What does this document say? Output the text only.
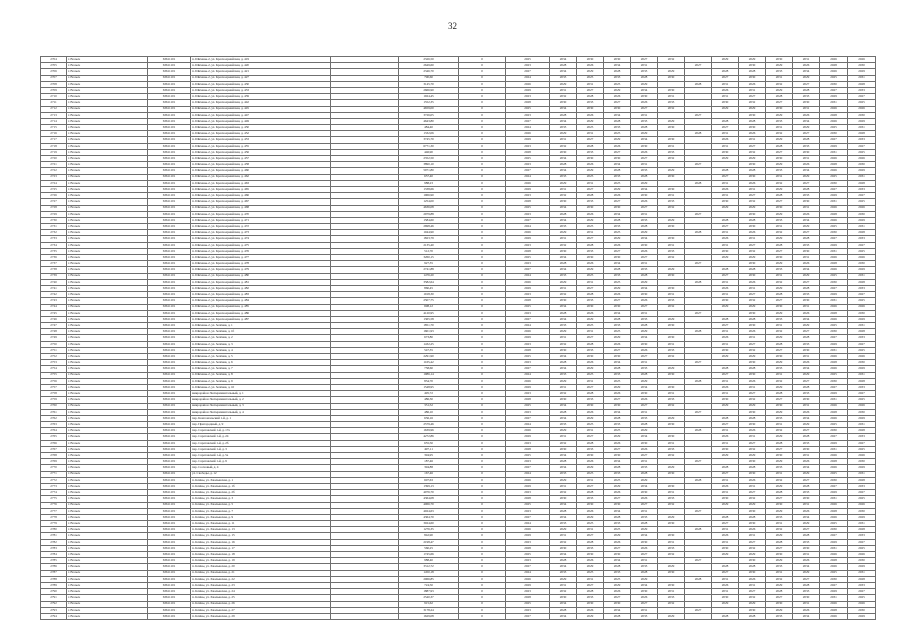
32
2704	г. Вольск	63611101	п. Шиханы-2, ул. Красноармейская, д. 419		2326,50	0	2025	2034	2030	2030	2027	2032		2029	2029	2030	2031	2026	2026
2705	г. Вольск	63611101	п. Шиханы-2, ул. Красноармейская, д. 420		2649,60	0	2023	2028	2026	2034	2031		2027		2030	2029	2026	2028	2030
2706	г. Вольск	63611101	п. Шиханы-2, ул. Красноармейская, д. 421		2346,70	0	2027	2034	2029	2028	2033	2029		2028	2028	2033	2034	2026	2029
2707	г. Вольск	63611101	п. Шиханы-2, ул. Красноармейская, д. 427		790,60	0	2024	2033	2025	2033	2028	2030		2027	2030	2031	2029	2025	2031
2708	г. Вольск	63611101	п. Шиханы-2, ул. Красноармейская, д. 430		3145,70	0	2026	2029	2031	2025	2029		2028	2031	2026	2032	2027	2030	2028
2709	г. Вольск	63611101	п. Шиханы-2, ул. Красноармейская, д. 433		2666,90	0	2029	2031	2027	2029	2034	2030		2026	2031	2029	2028	2027	2033
2710	г. Вольск	63611101	п. Шиханы-2, ул. Красноармейская, д. 439		1924,45	0	2023	2032	2028	2026	2030	2031		2031	2027	2028	2033	2029	2027
2711	г. Вольск	63611101	п. Шиханы-2, ул. Красноармейская, д. 442		1552,35	0	2028	2030	2033	2027	2026	2033		2030	2032	2027	2030	2031	2025
2712	г. Вольск	63611101	п. Шиханы-2, ул. Красноармейская, д. 445		4659,00	0	2025	2034	2030	2030	2027	2032		2029	2029	2030	2031	2026	2026
2713	г. Вольск	63611101	п. Шиханы-2, ул. Красноармейская, д. 447		3726,05	0	2023	2028	2026	2034	2031		2027		2030	2029	2026	2028	2030
2714	г. Вольск	63611101	п. Шиханы-2, ул. Красноармейская, д. 449		4643,80	0	2027	2034	2029	2028	2033	2029		2028	2028	2033	2034	2026	2029
2715	г. Вольск	63611101	п. Шиханы-2, ул. Красноармейская, д. 450		484,40	0	2024	2033	2025	2033	2028	2030		2027	2030	2031	2029	2025	2031
2716	г. Вольск	63611101	п. Шиханы-2, ул. Красноармейская, д. 452		1332,06	0	2026	2029	2031	2025	2029		2028	2031	2026	2032	2027	2030	2028
2717	г. Вольск	63611101	п. Шиханы-2, ул. Красноармейская, д. 453		3745,70	0	2029	2031	2027	2029	2034	2030		2026	2031	2029	2028	2027	2033
2718	г. Вольск	63611101	п. Шиханы-2, ул. Красноармейская, д. 455		6771,30	0	2023	2032	2028	2026	2030	2031		2031	2027	2028	2033	2029	2027
2719	г. Вольск	63611101	п. Шиханы-2, ул. Красноармейская, д. 456		446,90	0	2028	2030	2033	2027	2026	2033		2030	2032	2027	2030	2031	2025
2720	г. Вольск	63611101	п. Шиханы-2, ул. Красноармейская, д. 457		2352,50	0	2025	2034	2030	2030	2027	2032		2029	2029	2030	2031	2026	2026
2721	г. Вольск	63611101	п. Шиханы-2, ул. Красноармейская, д. 458		3890,10	0	2023	2028	2026	2034	2031		2027		2030	2029	2026	2028	2030
2722	г. Вольск	63611101	п. Шиханы-2, ул. Красноармейская, д. 460		5971,80	0	2027	2034	2029	2028	2033	2029		2028	2028	2033	2034	2026	2029
2723	г. Вольск	63611101	п. Шиханы-2, ул. Красноармейская, д. 462		657,40	0	2024	2033	2025	2033	2028	2030		2027	2030	2031	2029	2025	2031
2724	г. Вольск	63611101	п. Шиханы-2, ул. Красноармейская, д. 463		988,23	0	2026	2029	2031	2025	2029		2028	2031	2026	2032	2027	2030	2028
2725	г. Вольск	63611101	п. Шиханы-2, ул. Красноармейская, д. 465		1338,66	0	2029	2031	2027	2029	2034	2030		2026	2031	2029	2028	2027	2033
2726	г. Вольск	63611101	п. Шиханы-2, ул. Красноармейская, д. 466		1966,90	0	2023	2032	2028	2026	2030	2031		2031	2027	2028	2033	2029	2027
2727	г. Вольск	63611101	п. Шиханы-2, ул. Красноармейская, д. 467		1254,00	0	2028	2030	2033	2027	2026	2033		2030	2032	2027	2030	2031	2025
2728	г. Вольск	63611101	п. Шиханы-2, ул. Красноармейская, д. 468		4636,08	0	2025	2034	2030	2030	2027	2032		2029	2029	2030	2031	2026	2026
2729	г. Вольск	63611101	п. Шиханы-2, ул. Красноармейская, д. 470		2979,88	0	2023	2028	2026	2034	2031		2027		2030	2029	2026	2028	2030
2730	г. Вольск	63611101	п. Шиханы-2, ул. Красноармейская, д. 471		1584,60	0	2027	2034	2029	2028	2033	2029		2028	2028	2033	2034	2026	2029
2731	г. Вольск	63611101	п. Шиханы-2, ул. Красноармейская, д. 472		2698,46	0	2024	2033	2025	2033	2028	2030		2027	2030	2031	2029	2025	2031
2732	г. Вольск	63611101	п. Шиханы-2, ул. Красноармейская, д. 473		1044,90	0	2026	2029	2031	2025	2029		2028	2031	2026	2032	2027	2030	2028
2733	г. Вольск	63611101	п. Шиханы-2, ул. Красноармейская, д. 474		1823,79	0	2029	2031	2027	2029	2034	2030		2026	2031	2029	2028	2027	2033
2734	г. Вольск	63611101	п. Шиханы-2, ул. Красноармейская, д. 475		2135,40	0	2023	2032	2028	2026	2030	2031		2031	2027	2028	2033	2029	2027
2735	г. Вольск	63611101	п. Шиханы-2, ул. Красноармейская, д. 476		512,70	0	2028	2030	2033	2027	2026	2033		2030	2032	2027	2030	2031	2025
2736	г. Вольск	63611101	п. Шиханы-2, ул. Красноармейская, д. 477		3260,15	0	2025	2034	2030	2030	2027	2032		2029	2029	2030	2031	2026	2026
2737	г. Вольск	63611101	п. Шиханы-2, ул. Красноармейская, д. 478		927,35	0	2023	2028	2026	2034	2031		2027		2030	2029	2026	2028	2030
2738	г. Вольск	63611101	п. Шиханы-2, ул. Красноармейская, д. 479		2741,88	0	2027	2034	2029	2028	2033	2029		2028	2028	2033	2034	2026	2029
2739	г. Вольск	63611101	п. Шиханы-2, ул. Красноармейская, д. 480		1476,20	0	2024	2033	2025	2033	2028	2030		2027	2030	2031	2029	2025	2031
2740	г. Вольск	63611101	п. Шиханы-2, ул. Красноармейская, д. 481		3582,64	0	2026	2029	2031	2025	2029		2028	2031	2026	2032	2027	2030	2028
2741	г. Вольск	63611101	п. Шиханы-2, ул. Красноармейская, д. 482		860,45	0	2029	2031	2027	2029	2034	2030		2026	2031	2029	2028	2027	2033
2742	г. Вольск	63611101	п. Шиханы-2, ул. Красноармейская, д. 483		1918,30	0	2023	2032	2028	2026	2030	2031		2031	2027	2028	2033	2029	2027
2743	г. Вольск	63611101	п. Шиханы-2, ул. Красноармейская, д. 484		2507,75	0	2028	2030	2033	2027	2026	2033		2030	2032	2027	2030	2031	2025
2744	г. Вольск	63611101	п. Шиханы-2, ул. Красноармейская, д. 485		698,12	0	2025	2034	2030	2030	2027	2032		2029	2029	2030	2031	2026	2026
2745	г. Вольск	63611101	п. Шиханы-2, ул. Красноармейская, д. 486		4120,95	0	2023	2028	2026	2034	2031		2027		2030	2029	2026	2028	2030
2746	г. Вольск	63611101	п. Шиханы-2, ул. Красноармейская, д. 487		1365,58	0	2027	2034	2029	2028	2033	2029		2028	2028	2033	2034	2026	2029
2747	г. Вольск	63611101	п. Шиханы-2, ул. Зелёная, д. 1		1851,70	0	2024	2033	2025	2033	2028	2030		2027	2030	2031	2029	2025	2031
2748	г. Вольск	63611101	п. Шиханы-2, ул. Зелёная, д. 1б		1601,93	0	2026	2029	2031	2025	2029		2028	2031	2026	2032	2027	2030	2028
2749	г. Вольск	63611101	п. Шиханы-2, ул. Зелёная, д. 2		673,80	0	2029	2031	2027	2029	2034	2030		2026	2031	2029	2028	2027	2033
2750	г. Вольск	63611101	п. Шиханы-2, ул. Зелёная, д. 3		1432,25	0	2023	2032	2028	2026	2030	2031		2031	2027	2028	2033	2029	2027
2751	г. Вольск	63611101	п. Шиханы-2, ул. Зелёная, д. 4		547,35	0	2028	2030	2033	2027	2026	2033		2030	2032	2027	2030	2031	2025
2752	г. Вольск	63611101	п. Шиханы-2, ул. Зелёная, д. 5		2291,90	0	2025	2034	2030	2030	2027	2032		2029	2029	2030	2031	2026	2026
2753	г. Вольск	63611101	п. Шиханы-2, ул. Зелёная, д. 6		1165,42	0	2023	2028	2026	2034	2031		2027		2030	2029	2026	2028	2030
2754	г. Вольск	63611101	п. Шиханы-2, ул. Зелёная, д. 7		758,60	0	2027	2034	2029	2028	2033	2029		2028	2028	2033	2034	2026	2029
2755	г. Вольск	63611101	п. Шиханы-2, ул. Зелёная, д. 8		1986,14	0	2024	2033	2025	2033	2028	2030		2027	2030	2031	2029	2025	2031
2756	г. Вольск	63611101	п. Шиханы-2, ул. Зелёная, д. 9		834,70	0	2026	2029	2031	2025	2029		2028	2031	2026	2032	2027	2030	2028
2757	г. Вольск	63611101	п. Шиханы-2, ул. Зелёная, д. 10		1548,95	0	2029	2031	2027	2029	2034	2030		2026	2031	2029	2028	2027	2033
2758	г. Вольск	63611101	микрорайон Экспериментальный, д. 1		495,72	0	2023	2032	2028	2026	2030	2031		2031	2027	2028	2033	2029	2027
2759	г. Вольск	63611101	микрорайон Экспериментальный, д. 2		486,30	0	2028	2030	2033	2027	2026	2033		2030	2032	2027	2030	2031	2025
2760	г. Вольск	63611101	микрорайон Экспериментальный, д. 3		331,52	0	2025	2034	2030	2030	2027	2032		2029	2029	2030	2031	2026	2026
2761	г. Вольск	63611101	микрорайон Экспериментальный, д. 4		486,10	0	2023	2028	2026	2034	2031		2027		2030	2029	2026	2028	2030
2762	г. Вольск	63611101	пер. Комсомольский 1-й, д. 1		636,16	0	2027	2034	2029	2028	2033	2029		2028	2028	2033	2034	2026	2029
2763	г. Вольск	63611101	пер. Пригородный, д. 9		2579,46	0	2024	2033	2025	2033	2028	2030		2027	2030	2031	2029	2025	2031
2764	г. Вольск	63611101	пер. Саратовский 1-й, д. 17а		1639,96	0	2026	2029	2031	2025	2029		2028	2031	2026	2032	2027	2030	2028
2765	г. Вольск	63611101	пер. Саратовский 1-й, д. 24		4272,86	0	2029	2031	2027	2029	2034	2030		2026	2031	2029	2028	2027	2033
2766	г. Вольск	63611101	пер. Саратовский 1-й, д. 2б		655,50	0	2023	2032	2028	2026	2030	2031		2031	2027	2028	2033	2029	2027
2767	г. Вольск	63611101	пер. Саратовский 1-й, д. 3		497,11	0	2028	2030	2033	2027	2026	2033		2030	2032	2027	2030	2031	2025
2768	г. Вольск	63611101	пер. Саратовский 1-й, д. 5а		394,95	0	2025	2034	2030	2030	2027	2032		2029	2029	2030	2031	2026	2026
2769	г. Вольск	63611101	пер. Саратовский 1-й, д. 9		187,46	0	2023	2028	2026	2034	2031		2027		2030	2029	2026	2028	2030
2770	г. Вольск	63611101	пер. Сосновый, д. 4		394,88	0	2027	2034	2029	2028	2033	2029		2028	2028	2033	2034	2026	2029
2771	г. Вольск	63611101	ул. Свободы, д. 12		167,46	0	2024	2033	2025	2033	2028	2030		2027	2030	2031	2029	2025	2031
2772	г. Вольск	63611101	п. Клёны, ул. Хвалынская, д. 1		607,63	0	2026	2029	2031	2025	2029		2028	2031	2026	2032	2027	2030	2028
2773	г. Вольск	63611101	п. Клёны, ул. Хвалынская, д. 1б		1399,13	0	2029	2031	2027	2029	2034	2030		2026	2031	2029	2028	2027	2033
2774	г. Вольск	63611101	п. Клёны, ул. Хвалынская, д. 2б		4076,70	0	2023	2032	2028	2026	2030	2031		2031	2027	2028	2033	2029	2027
2775	г. Вольск	63611101	п. Клёны, ул. Хвалынская, д. 3		4364,08	0	2028	2030	2033	2027	2026	2033		2030	2032	2027	2030	2031	2025
2776	г. Вольск	63611101	п. Клёны, ул. Хвалынская, д. 5		4066,70	0	2025	2034	2030	2030	2027	2032		2029	2029	2030	2031	2026	2026
2777	г. Вольск	63611101	п. Клёны, ул. Хвалынская, д. 7		4024,63	0	2023	2028	2026	2034	2031		2027		2030	2029	2026	2028	2030
2778	г. Вольск	63611101	п. Клёны, ул. Хвалынская, д. 9		4364,70	0	2027	2034	2029	2028	2033	2029		2028	2028	2033	2034	2026	2029
2779	г. Вольск	63611101	п. Клёны, ул. Хвалынская, д. 11		3024,60	0	2024	2033	2025	2033	2028	2030		2027	2030	2031	2029	2025	2031
2780	г. Вольск	63611101	п. Клёны, ул. Хвалынская, д. 13		1276,35	0	2026	2029	2031	2025	2029		2028	2031	2026	2032	2027	2030	2028
2781	г. Вольск	63611101	п. Клёны, ул. Хвалынская, д. 15		842,90	0	2029	2031	2027	2029	2034	2030		2026	2031	2029	2028	2027	2033
2782	г. Вольск	63611101	п. Клёны, ул. Хвалынская, д. 16		2198,47	0	2023	2032	2028	2026	2030	2031		2031	2027	2028	2033	2029	2027
2783	г. Вольск	63611101	п. Клёны, ул. Хвалынская, д. 17		560,25	0	2028	2030	2033	2027	2026	2033		2030	2032	2027	2030	2031	2025
2784	г. Вольск	63611101	п. Клёны, ул. Хвалынская, д. 18		1745,66	0	2025	2034	2030	2030	2027	2032		2029	2029	2030	2031	2026	2026
2785	г. Вольск	63611101	п. Клёны, ул. Хвалынская, д. 19		988,40	0	2023	2028	2026	2034	2031		2027		2030	2029	2026	2028	2030
2786	г. Вольск	63611101	п. Клёны, ул. Хвалынская, д. 20		3312,72	0	2027	2034	2029	2028	2033	2029		2028	2028	2033	2034	2026	2029
2787	г. Вольск	63611101	п. Клёны, ул. Хвалынская, д. 21		1450,18	0	2024	2033	2025	2033	2028	2030		2027	2030	2031	2029	2025	2031
2788	г. Вольск	63611101	п. Клёны, ул. Хвалынская, д. 22		2066,85	0	2026	2029	2031	2025	2029		2028	2031	2026	2032	2027	2030	2028
2789	г. Вольск	63611101	п. Клёны, ул. Хвалынская, д. 23		724,50	0	2029	2031	2027	2029	2034	2030		2026	2031	2029	2028	2027	2033
2790	г. Вольск	63611101	п. Клёны, ул. Хвалынская, д. 24		1887,93	0	2023	2032	2028	2026	2030	2031		2031	2027	2028	2033	2029	2027
2791	г. Вольск	63611101	п. Клёны, ул. Хвалынская, д. 25		2540,37	0	2028	2030	2033	2027	2026	2033		2030	2032	2027	2030	2031	2025
2792	г. Вольск	63611101	п. Клёны, ул. Хвалынская, д. 26		915,62	0	2025	2034	2030	2030	2027	2032		2029	2029	2030	2031	2026	2026
2793	г. Вольск	63611101	п. Клёны, ул. Хвалынская, д. 27		3178,24	0	2023	2028	2026	2034	2031		2027		2030	2029	2026	2028	2030
2794	г. Вольск	63611101	п. Клёны, ул. Хвалынская, д. 29		1629,08	0	2027	2034	2029	2028	2033	2029		2028	2028	2033	2034	2026	2029
